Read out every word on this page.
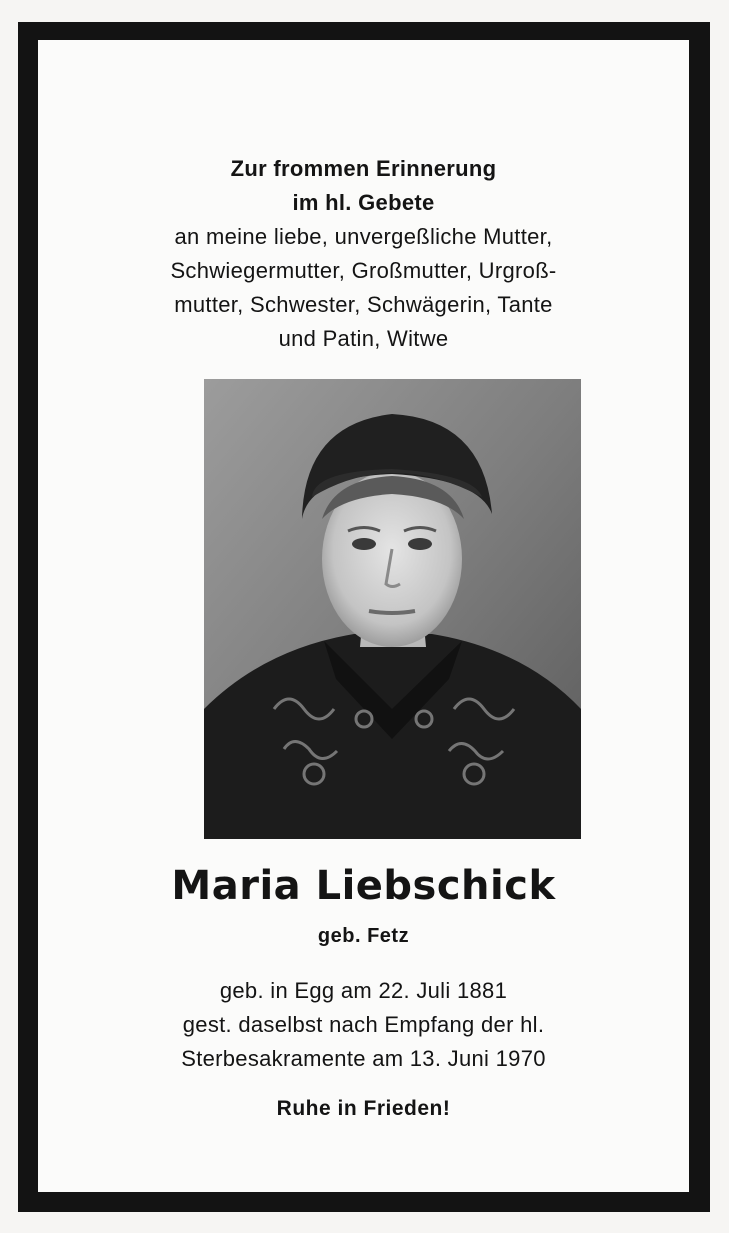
Zur frommen Erinnerung
im hl. Gebete
an meine liebe, unvergeßliche Mutter,
Schwiegermutter, Großmutter, Urgroß-
mutter, Schwester, Schwägerin, Tante
und Patin, Witwe
Maria Liebschick
geb. Fetz
geb. in Egg am 22. Juli 1881
gest. daselbst nach Empfang der hl.
Sterbesakramente am 13. Juni 1970
Ruhe in Frieden!
